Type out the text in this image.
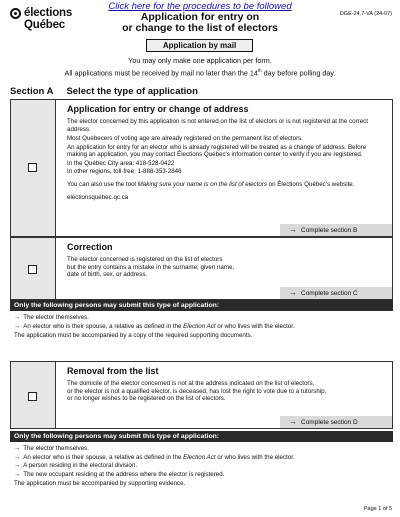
élections
Québec
Click here for the procedures to be followed
DGE-24.7-VA (24-07)
Application for entry on
or change to the list of electors
Application by mail
You may only make one application per form.
All applications must be received by mail no later than the 14th day before polling day.
Section A Select the type of application
Application for entry or change of address

The elector concerned by this application is not entered on the list of electors or is not registered at the correct address.

Most Quebecers of voting age are already registered on the permanent list of electors.

An application for entry for an elector who is already registered will be treated as a change of address. Before making an application, you may contact Élections Québec's information center to verify if you are registered.

In the Québec City area: 418-528-0422

In other regions, toll-free: 1-888-353-2846

You can also use the tool Making sure your name is on the list of electors on Élections Québec's website.

electionsquebec.qc.ca
→ Complete section B
Correction
The elector concerned is registered on the list of electors
but the entry contains a mistake in the surname, given name,
date of birth, sex, or address.
→ Complete section C
Only the following persons may submit this type of application:
→ The elector themselves.
→ An elector who is their spouse, a relative as defined in the Election Act or who lives with the elector.
The application must be accompanied by a copy of the required supporting documents.
Removal from the list
The domicile of the elector concerned is not at the address indicated on the list of electors,
or the elector is not a qualified elector, is deceased, has lost the right to vote due to a tutorship,
or no longer wishes to be registered on the list of electors.
→ Complete section D
Only the following persons may submit this type of application:
→ The elector themselves.
→ An elector who is their spouse, a relative as defined in the Election Act or who lives with the elector.
→ A person residing in the electoral division.
→ The new occupant residing at the address where the elector is registered.
The application must be accompanied by supporting evidence.
Page 1 of 5
